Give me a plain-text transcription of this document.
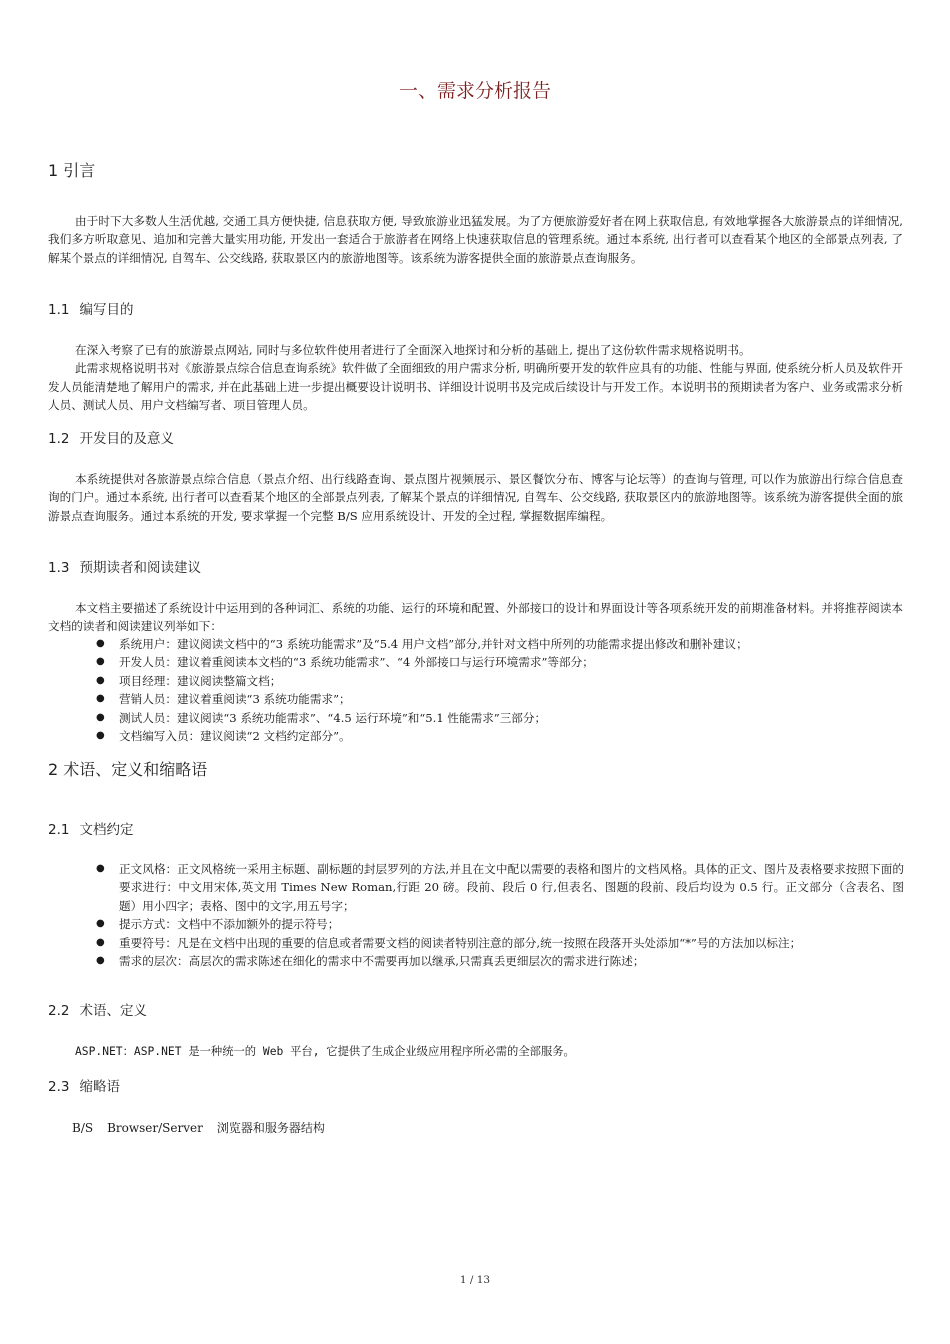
一、需求分析报告
1 引言

由于时下大多数人生活优越, 交通工具方便快捷, 信息获取方便, 导致旅游业迅猛发展。为了方便旅游爱好者在网上获取信息, 有效地掌握各大旅游景点的详细情况, 我们多方听取意见、追加和完善大量实用功能, 开发出一套适合于旅游者在网络上快速获取信息的管理系统。通过本系统, 出行者可以查看某个地区的全部景点列表, 了解某个景点的详细情况, 自驾车、公交线路, 获取景区内的旅游地图等。该系统为游客提供全面的旅游景点查询服务。

1.1 编写目的

在深入考察了已有的旅游景点网站, 同时与多位软件使用者进行了全面深入地探讨和分析的基础上, 提出了这份软件需求规格说明书。

此需求规格说明书对《旅游景点综合信息查询系统》软件做了全面细致的用户需求分析, 明确所要开发的软件应具有的功能、性能与界面, 使系统分析人员及软件开发人员能清楚地了解用户的需求, 并在此基础上进一步提出概要设计说明书、详细设计说明书及完成后续设计与开发工作。本说明书的预期读者为客户、业务或需求分析人员、测试人员、用户文档编写者、项目管理人员。

1.2 开发目的及意义

本系统提供对各旅游景点综合信息（景点介绍、出行线路查询、景点图片视频展示、景区餐饮分布、博客与论坛等）的查询与管理, 可以作为旅游出行综合信息查询的门户。通过本系统, 出行者可以查看某个地区的全部景点列表, 了解某个景点的详细情况, 自驾车、公交线路, 获取景区内的旅游地图等。该系统为游客提供全面的旅游景点查询服务。通过本系统的开发, 要求掌握一个完整 B/S 应用系统设计、开发的全过程, 掌握数据库编程。

1.3 预期读者和阅读建议

本文档主要描述了系统设计中运用到的各种词汇、系统的功能、运行的环境和配置、外部接口的设计和界面设计等各项系统开发的前期准备材料。并将推荐阅读本文档的读者和阅读建议列举如下：

● 系统用户：建议阅读文档中的“3 系统功能需求”及“5.4 用户文档”部分,并针对文档中所列的功能需求提出修改和删补建议；
● 开发人员：建议着重阅读本文档的“3 系统功能需求”、“4 外部接口与运行环境需求”等部分；
● 项目经理：建议阅读整篇文档；
● 营销人员：建议着重阅读“3 系统功能需求”；
● 测试人员：建议阅读“3 系统功能需求”、“4.5 运行环境”和“5.1 性能需求”三部分；
● 文档编写入员：建议阅读“2 文档约定部分”。
2 术语、定义和缩略语
2.1 文档约定
● 正文风格：正文风格统一采用主标题、副标题的封层罗列的方法,并且在文中配以需要的表格和图片的文档风格。具体的正文、图片及表格要求按照下面的要求进行：中文用宋体,英文用 Times New Roman,行距 20 磅。段前、段后 0 行,但表名、图题的段前、段后均设为 0.5 行。正文部分（含表名、图题）用小四字；表格、图中的文字,用五号字；
● 提示方式：文档中不添加额外的提示符号；
● 重要符号：凡是在文档中出现的重要的信息或者需要文档的阅读者特别注意的部分,统一按照在段落开头处添加“*”号的方法加以标注；
● 需求的层次：高层次的需求陈述在细化的需求中不需要再加以继承,只需真丢更细层次的需求进行陈述；
2.2 术语、定义
ASP.NET：ASP.NET 是一种统一的 Web 平台, 它提供了生成企业级应用程序所必需的全部服务。
2.3 缩略语
B/S Browser/Server 浏览器和服务器结构
1 / 13
